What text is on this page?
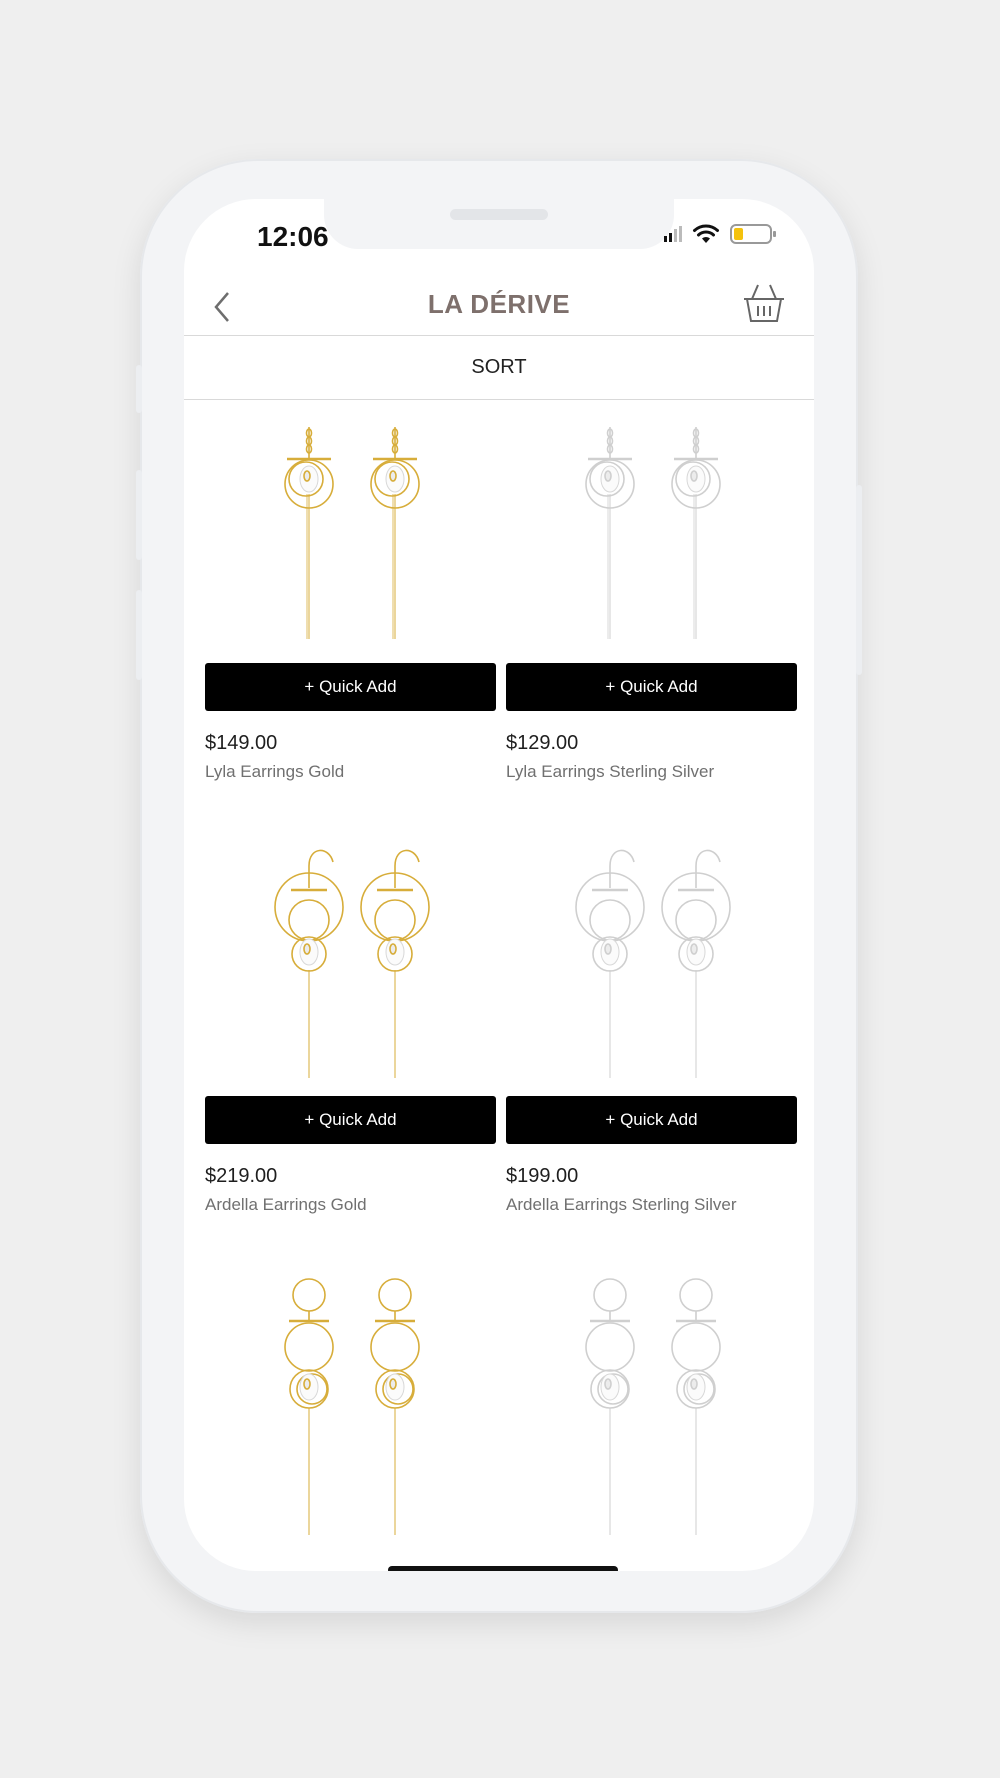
12:06
LA DÉRIVE
SORT
+ Quick Add
$149.00
Lyla Earrings Gold
+ Quick Add
$129.00
Lyla Earrings Sterling Silver
+ Quick Add
$219.00
Ardella Earrings Gold
+ Quick Add
$199.00
Ardella Earrings Sterling Silver
